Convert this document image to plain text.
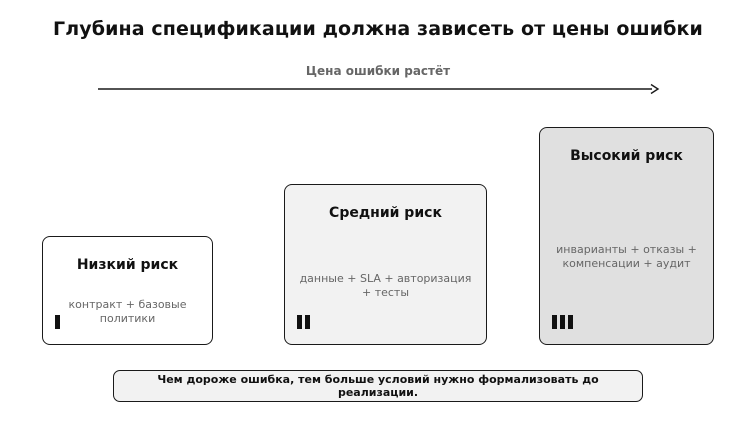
Глубина спецификации должна зависеть от цены ошибки
Цена ошибки растёт
Низкий риск
контракт + базовые политики
Средний риск
данные + SLA + авторизация + тесты
Высокий риск
инварианты + отказы + компенсации + аудит
Чем дороже ошибка, тем больше условий нужно формализовать до реализации.
